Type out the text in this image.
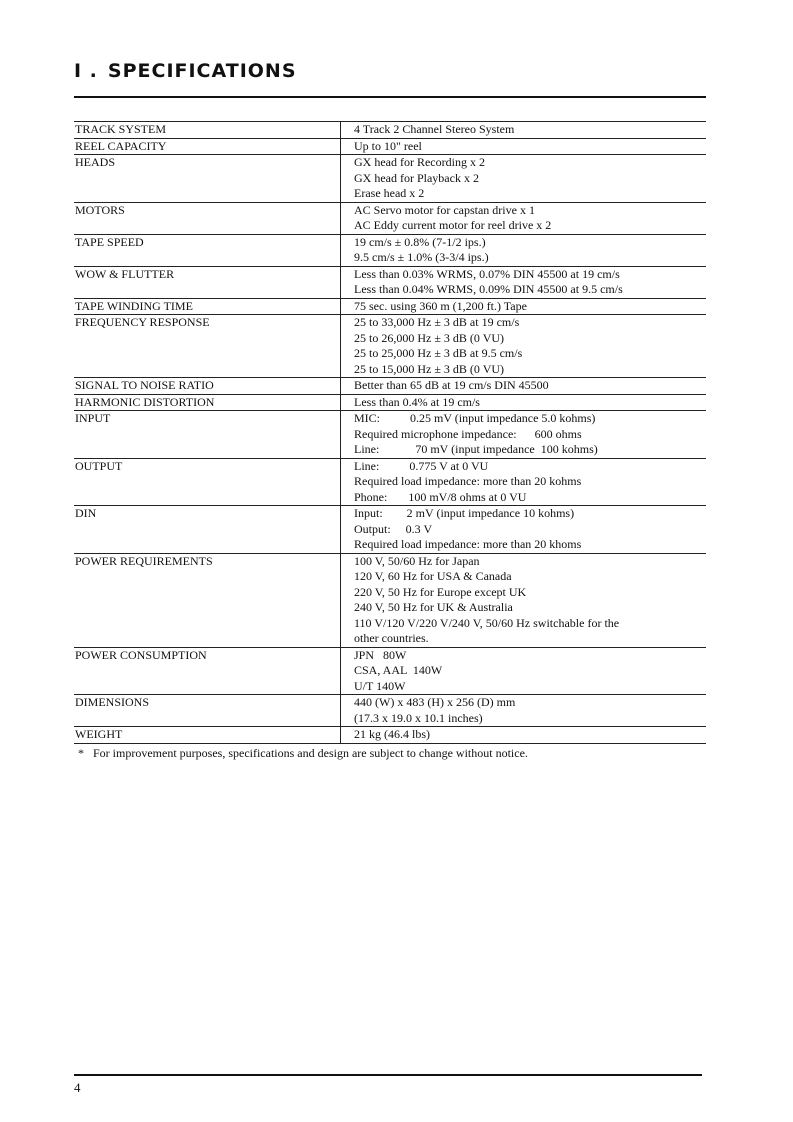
I . SPECIFICATIONS
TRACK SYSTEM	4 Track 2 Channel Stereo System
REEL CAPACITY	Up to 10" reel
HEADS	GX head for Recording x 2
GX head for Playback x 2
Erase head x 2
MOTORS	AC Servo motor for capstan drive x 1
AC Eddy current motor for reel drive x 2
TAPE SPEED	19 cm/s ± 0.8% (7-1/2 ips.)
9.5 cm/s ± 1.0% (3-3/4 ips.)
WOW & FLUTTER	Less than 0.03% WRMS, 0.07% DIN 45500 at 19 cm/s
Less than 0.04% WRMS, 0.09% DIN 45500 at 9.5 cm/s
TAPE WINDING TIME	75 sec. using 360 m (1,200 ft.) Tape
FREQUENCY RESPONSE	25 to 33,000 Hz ± 3 dB at 19 cm/s
25 to 26,000 Hz ± 3 dB (0 VU)
25 to 25,000 Hz ± 3 dB at 9.5 cm/s
25 to 15,000 Hz ± 3 dB (0 VU)
SIGNAL TO NOISE RATIO	Better than 65 dB at 19 cm/s DIN 45500
HARMONIC DISTORTION	Less than 0.4% at 19 cm/s
INPUT	MIC:          0.25 mV (input impedance 5.0 kohms)
Required microphone impedance:      600 ohms
Line:            70 mV (input impedance  100 kohms)
OUTPUT	Line:          0.775 V at 0 VU
Required load impedance: more than 20 kohms
Phone:       100 mV/8 ohms at 0 VU
DIN	Input:        2 mV (input impedance 10 kohms)
Output:     0.3 V
Required load impedance: more than 20 khoms
POWER REQUIREMENTS	100 V, 50/60 Hz for Japan
120 V, 60 Hz for USA & Canada
220 V, 50 Hz for Europe except UK
240 V, 50 Hz for UK & Australia
110 V/120 V/220 V/240 V, 50/60 Hz switchable for the
other countries.
POWER CONSUMPTION	JPN   80W
CSA, AAL  140W
U/T 140W
DIMENSIONS	440 (W) x 483 (H) x 256 (D) mm
(17.3 x 19.0 x 10.1 inches)
WEIGHT	21 kg (46.4 lbs)
* For improvement purposes, specifications and design are subject to change without notice.
4
